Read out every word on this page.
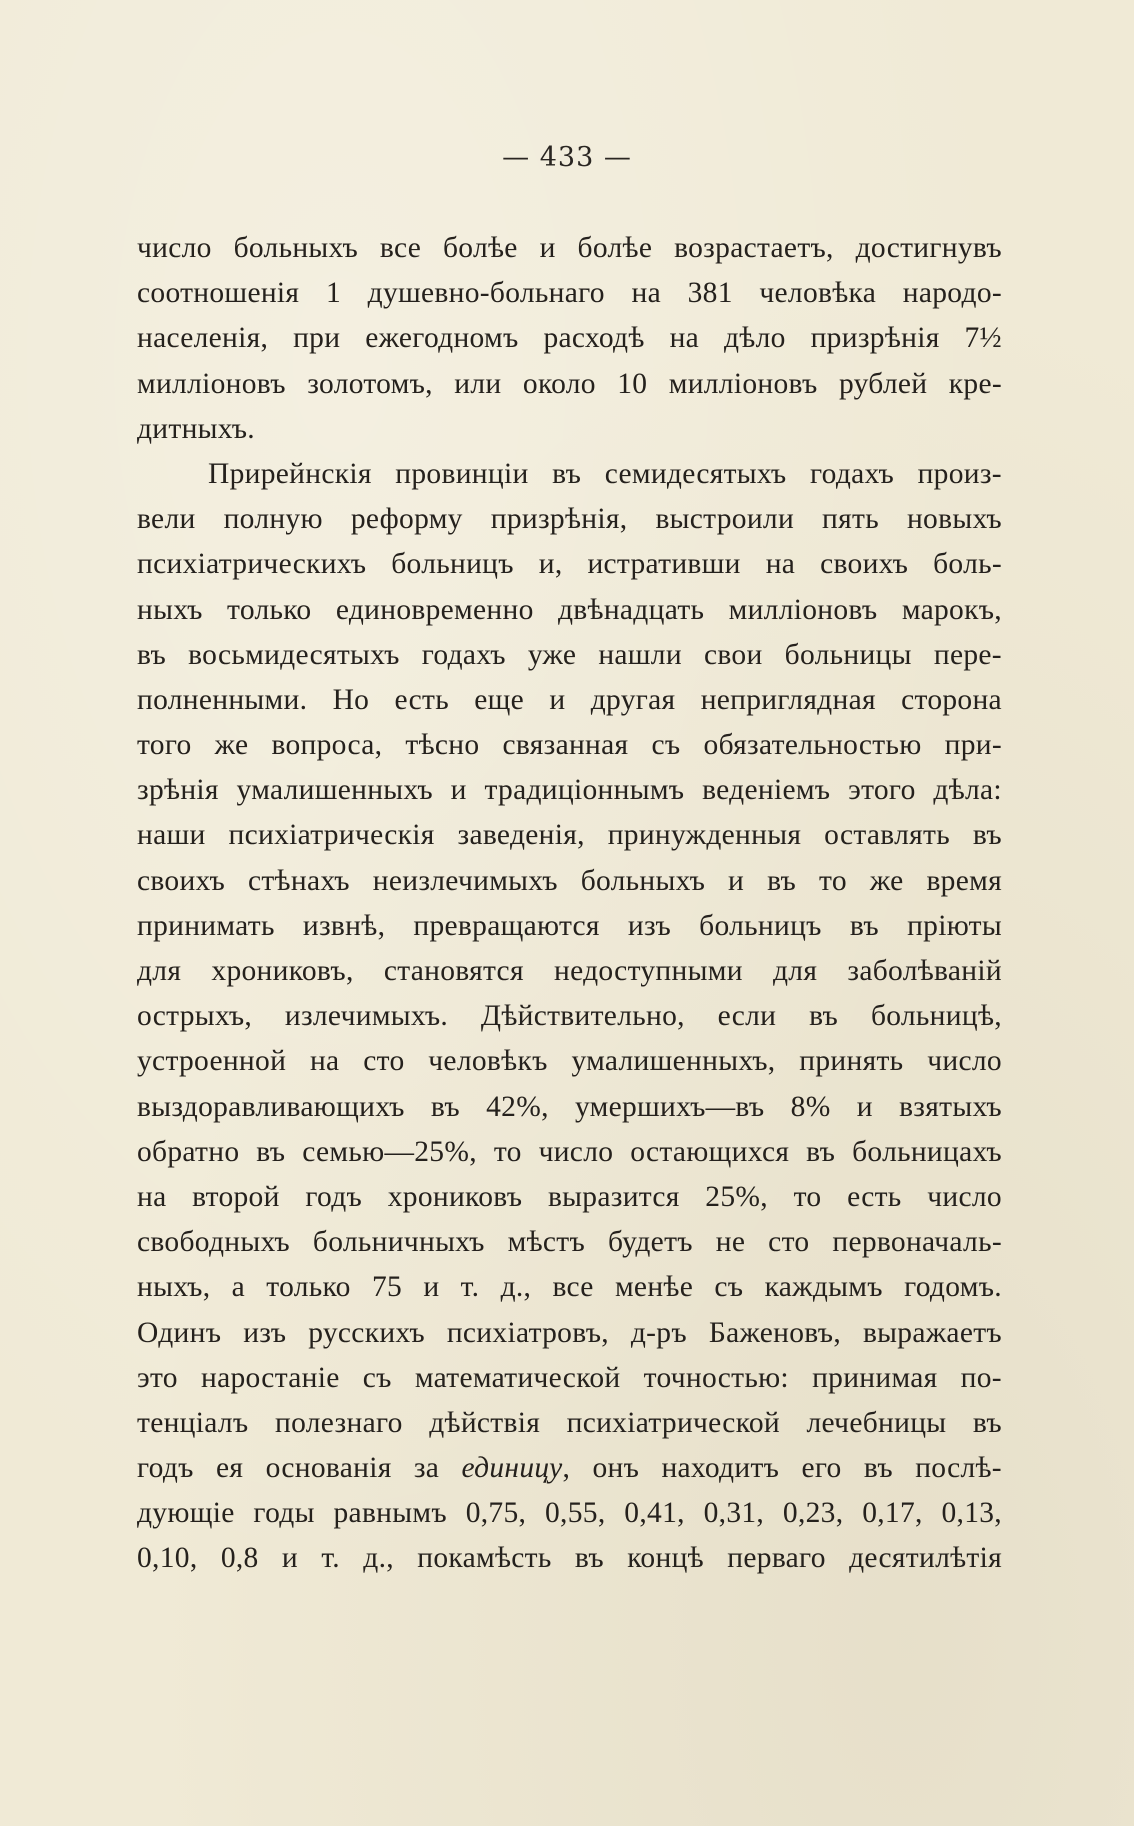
— 433 —
число больныхъ все болѣе и болѣе возрастаетъ, достигнувъ
соотношенія 1 душевно-больнаго на 381 человѣка народо-
населенія, при ежегодномъ расходѣ на дѣло призрѣнія 7½
милліоновъ золотомъ, или около 10 милліоновъ рублей кре-
дитныхъ.
Прирейнскія провинціи въ семидесятыхъ годахъ произ-
вели полную реформу призрѣнія, выстроили пять новыхъ
психіатрическихъ больницъ и, истративши на своихъ боль-
ныхъ только единовременно двѣнадцать милліоновъ марокъ,
въ восьмидесятыхъ годахъ уже нашли свои больницы пере-
полненными. Но есть еще и другая неприглядная сторона
того же вопроса, тѣсно связанная съ обязательностью при-
зрѣнія умалишенныхъ и традиціоннымъ веденіемъ этого дѣла:
наши психіатрическія заведенія, принужденныя оставлять въ
своихъ стѣнахъ неизлечимыхъ больныхъ и въ то же время
принимать извнѣ, превращаются изъ больницъ въ пріюты
для хрониковъ, становятся недоступными для заболѣваній
острыхъ, излечимыхъ. Дѣйствительно, если въ больницѣ,
устроенной на сто человѣкъ умалишенныхъ, принять число
выздоравливающихъ въ 42%, умершихъ—въ 8% и взятыхъ
обратно въ семью—25%, то число остающихся въ больницахъ
на второй годъ хрониковъ выразится 25%, то есть число
свободныхъ больничныхъ мѣстъ будетъ не сто первоначаль-
ныхъ, а только 75 и т. д., все менѣе съ каждымъ годомъ.
Одинъ изъ русскихъ психіатровъ, д-ръ Баженовъ, выражаетъ
это наростаніе съ математической точностью: принимая по-
тенціалъ полезнаго дѣйствія психіатрической лечебницы въ
годъ ея основанія за единицу, онъ находитъ его въ послѣ-
дующіе годы равнымъ 0,75, 0,55, 0,41, 0,31, 0,23, 0,17, 0,13,
0,10, 0,8 и т. д., покамѣсть въ концѣ перваго десятилѣтія
